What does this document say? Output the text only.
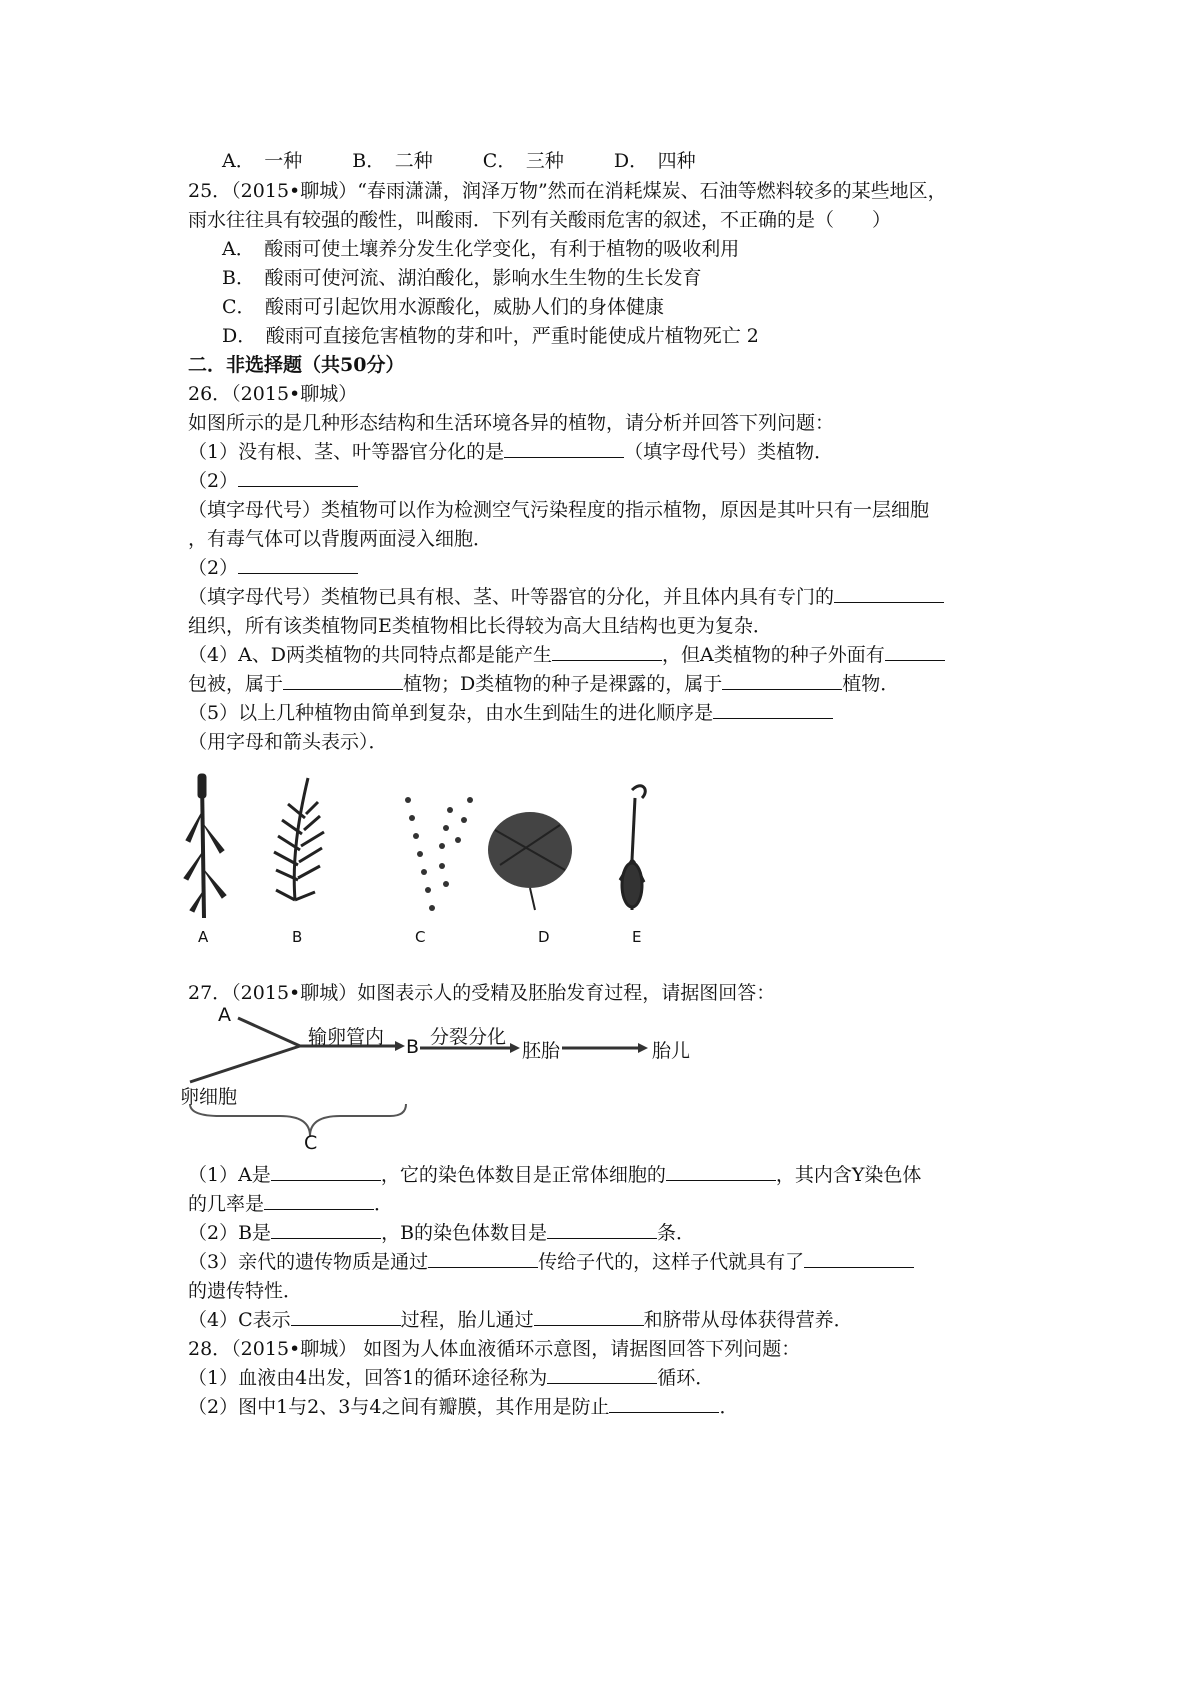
A．　一种	B．　二种	C．　三种	D．　四种
25．（2015•聊城）“春雨潇潇，润泽万物”然而在消耗煤炭、石油等燃料较多的某些地区，
雨水往往具有较强的酸性，叫酸雨．下列有关酸雨危害的叙述，不正确的是（　　）
A．　酸雨可使土壤养分发生化学变化，有利于植物的吸收利用
B．　酸雨可使河流、湖泊酸化，影响水生生物的生长发育
C．　酸雨可引起饮用水源酸化，威胁人们的身体健康
D．　酸雨可直接危害植物的芽和叶，严重时能使成片植物死亡 2
二．非选择题（共50分）
26．（2015•聊城）
如图所示的是几种形态结构和生活环境各异的植物，请分析并回答下列问题：
（1）没有根、茎、叶等器官分化的是	（填字母代号）类植物．
（2）
（填字母代号）类植物可以作为检测空气污染程度的指示植物，原因是其叶只有一层细胞
，有毒气体可以背腹两面浸入细胞．
（2）
（填字母代号）类植物已具有根、茎、叶等器官的分化，并且体内具有专门的
组织，所有该类植物同E类植物相比长得较为高大且结构也更为复杂．
（4）A、D两类植物的共同特点都是能产生	，但A类植物的种子外面有
包被，属于	植物；D类植物的种子是裸露的，属于	植物．
（5）以上几种植物由简单到复杂，由水生到陆生的进化顺序是
（用字母和箭头表示）．
A	B	C	D	E
27．（2015•聊城）如图表示人的受精及胚胎发育过程，请据图回答：
A
卵细胞
输卵管内 B 分裂分化
胚胎	胎儿
C
（1）A是	，它的染色体数目是正常体细胞的	，其内含Y染色体
的几率是	．
（2）B是	，B的染色体数目是	条．
（3）亲代的遗传物质是通过	传给子代的，这样子代就具有了
的遗传特性．
（4）C表示	过程，胎儿通过	和脐带从母体获得营养．
28．（2015•聊城） 如图为人体血液循环示意图，请据图回答下列问题：
（1）血液由4出发，回答1的循环途径称为	循环．
（2）图中1与2、3与4之间有瓣膜，其作用是防止	．
